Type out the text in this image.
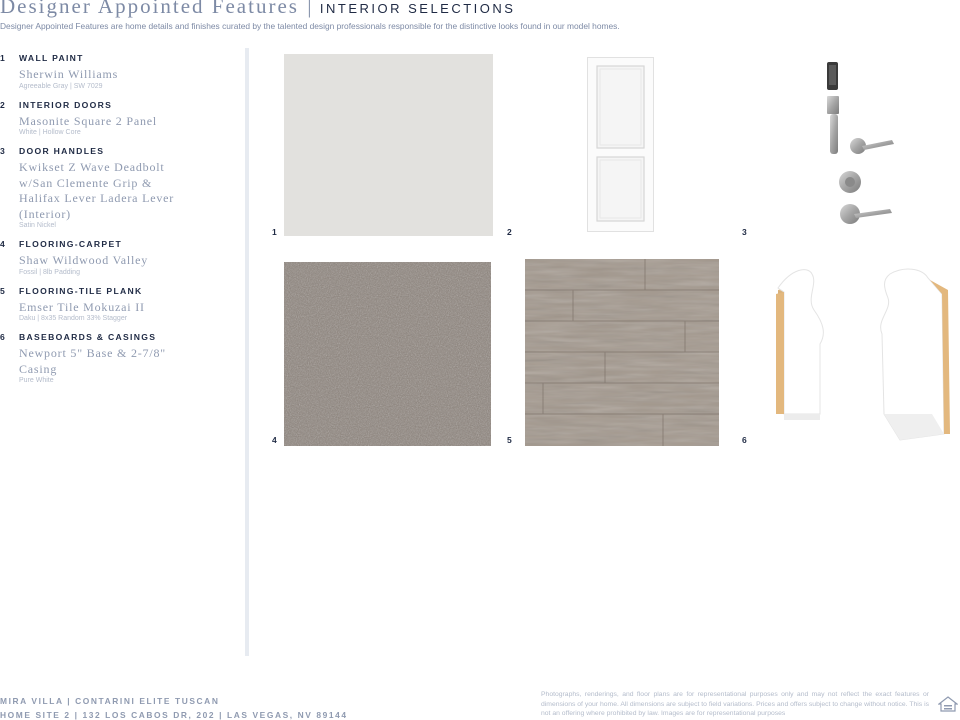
Designer Appointed Features | INTERIOR SELECTIONS
Designer Appointed Features are home details and finishes curated by the talented design professionals responsible for the distinctive looks found in our model homes.
1	WALL PAINT
Sherwin Williams
Agreeable Gray | SW 7029
2	INTERIOR DOORS
Masonite Square 2 Panel
White | Hollow Core
3	DOOR HANDLES
Kwikset Z Wave Deadbolt w/San Clemente Grip & Halifax Lever Ladera Lever (Interior)
Satin Nickel
4	FLOORING-CARPET
Shaw Wildwood Valley
Fossil | 8lb Padding
5	FLOORING-TILE PLANK
Emser Tile Mokuzai II
Daku | 8x35 Random 33% Stagger
6	BASEBOARDS & CASINGS
Newport 5" Base & 2-7/8" Casing
Pure White
1	2	3
4	5	6
MIRA VILLA | CONTARINI ELITE TUSCAN
HOME SITE 2 | 132 LOS CABOS DR, 202 | LAS VEGAS, NV 89144
Photographs, renderings, and floor plans are for representational purposes only and may not reflect the exact features or dimensions of your home. All dimensions are subject to field variations. Prices and offers subject to change without notice. This is not an offering where prohibited by law. Images are for representational purposes
